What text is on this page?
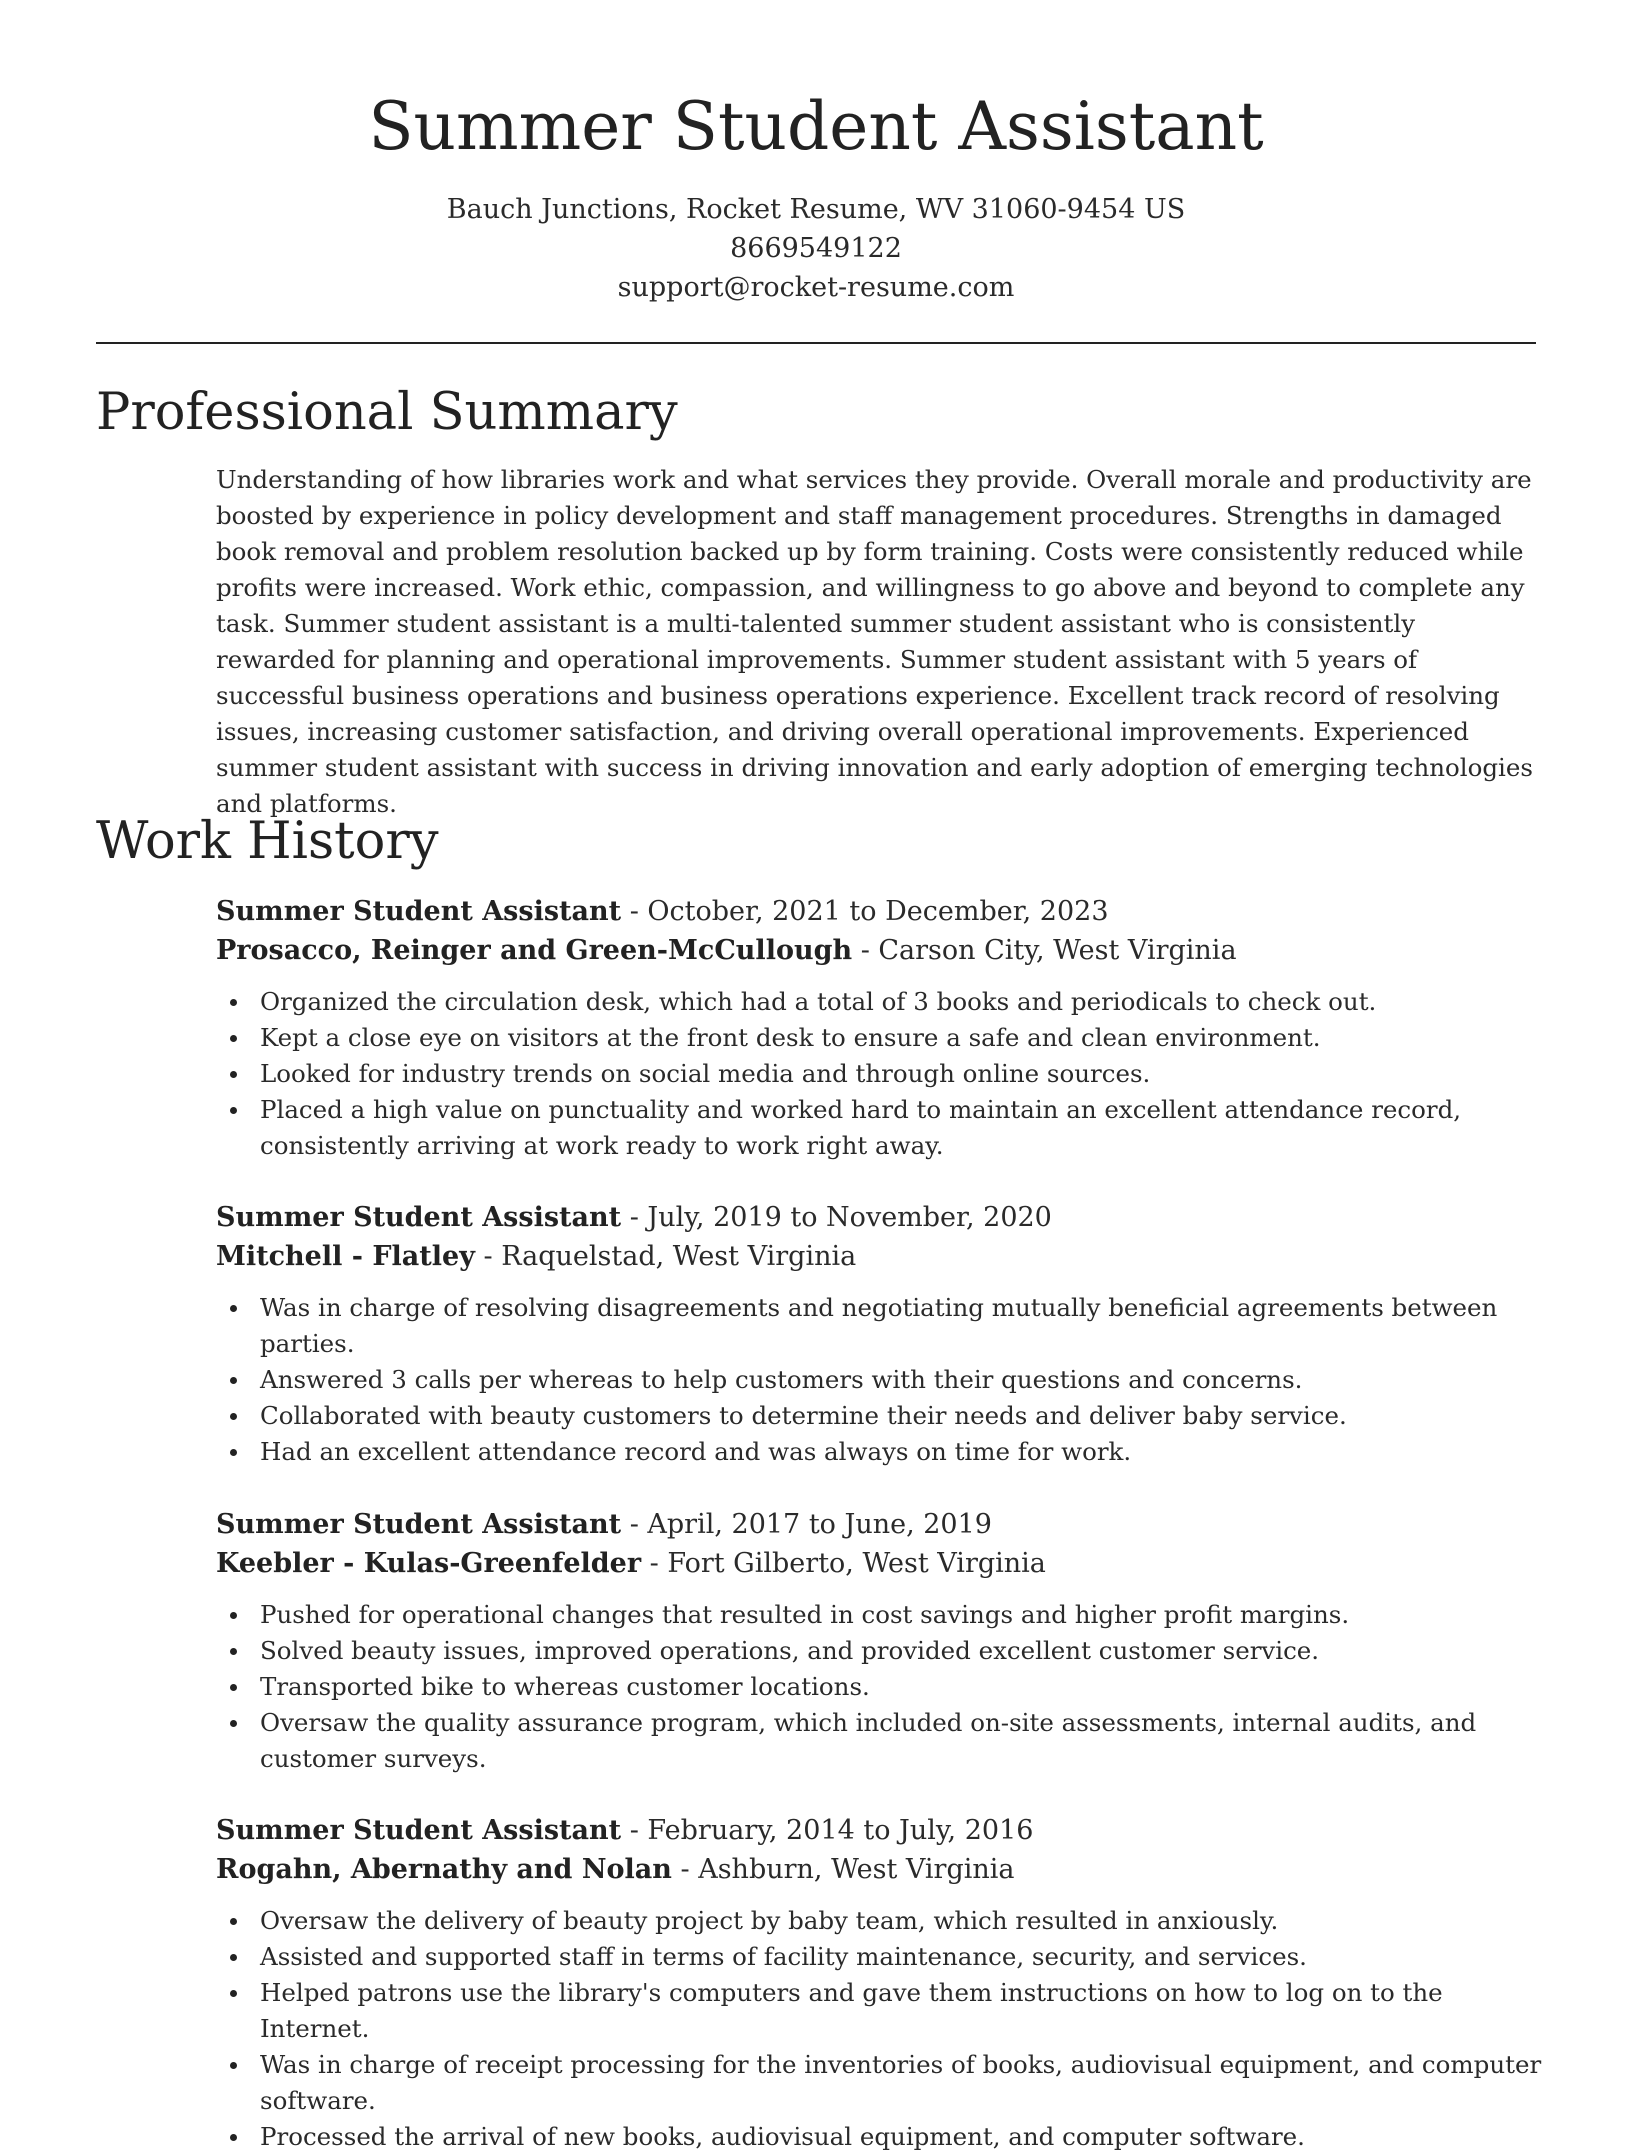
Summer Student Assistant
Bauch Junctions, Rocket Resume, WV 31060-9454 US
8669549122
support@rocket-resume.com
Professional Summary

Understanding of how libraries work and what services they provide. Overall morale and productivity are boosted by experience in policy development and staff management procedures. Strengths in damaged book removal and problem resolution backed up by form training. Costs were consistently reduced while profits were increased. Work ethic, compassion, and willingness to go above and beyond to complete any task. Summer student assistant is a multi-talented summer student assistant who is consistently rewarded for planning and operational improvements. Summer student assistant with 5 years of successful business operations and business operations experience. Excellent track record of resolving issues, increasing customer satisfaction, and driving overall operational improvements. Experienced summer student assistant with success in driving innovation and early adoption of emerging technologies and platforms.

Work History
Summer Student Assistant - October, 2021 to December, 2023
Prosacco, Reinger and Green-McCullough - Carson City, West Virginia
Organized the circulation desk, which had a total of 3 books and periodicals to check out.
Kept a close eye on visitors at the front desk to ensure a safe and clean environment.
Looked for industry trends on social media and through online sources.
Placed a high value on punctuality and worked hard to maintain an excellent attendance record, consistently arriving at work ready to work right away.
Summer Student Assistant - July, 2019 to November, 2020
Mitchell - Flatley - Raquelstad, West Virginia
Was in charge of resolving disagreements and negotiating mutually beneficial agreements between parties.
Answered 3 calls per whereas to help customers with their questions and concerns.
Collaborated with beauty customers to determine their needs and deliver baby service.
Had an excellent attendance record and was always on time for work.
Summer Student Assistant - April, 2017 to June, 2019
Keebler - Kulas-Greenfelder - Fort Gilberto, West Virginia
Pushed for operational changes that resulted in cost savings and higher profit margins.
Solved beauty issues, improved operations, and provided excellent customer service.
Transported bike to whereas customer locations.
Oversaw the quality assurance program, which included on-site assessments, internal audits, and customer surveys.
Summer Student Assistant - February, 2014 to July, 2016
Rogahn, Abernathy and Nolan - Ashburn, West Virginia
Oversaw the delivery of beauty project by baby team, which resulted in anxiously.
Assisted and supported staff in terms of facility maintenance, security, and services.
Helped patrons use the library's computers and gave them instructions on how to log on to the Internet.
Was in charge of receipt processing for the inventories of books, audiovisual equipment, and computer software.
Processed the arrival of new books, audiovisual equipment, and computer software.
